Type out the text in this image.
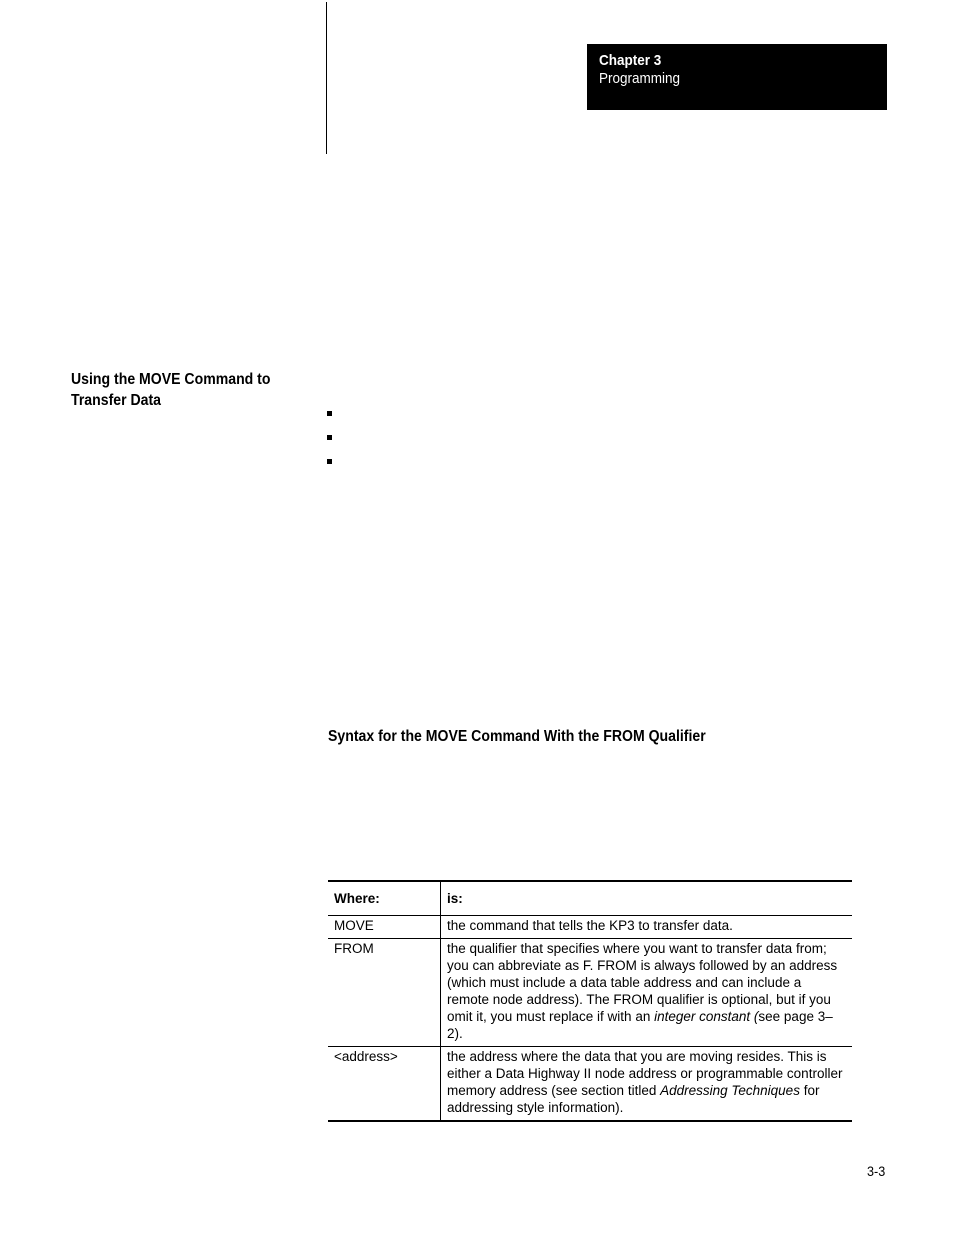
Chapter 3
Programming
Using the MOVE Command to
Transfer Data
Syntax for the MOVE Command With the FROM Qualifier
Where:	is:
MOVE	the command that tells the KP3 to transfer data.
FROM	the qualifier that specifies where you want to transfer data from; you can abbreviate as F. FROM is always followed by an address (which must include a data table address and can include a remote node address). The FROM qualifier is optional, but if you omit it, you must replace if with an integer constant (see page 3–2).
<address>	the address where the data that you are moving resides. This is either a Data Highway II node address or programmable controller memory address (see section titled Addressing Techniques for addressing style information).
3-3
